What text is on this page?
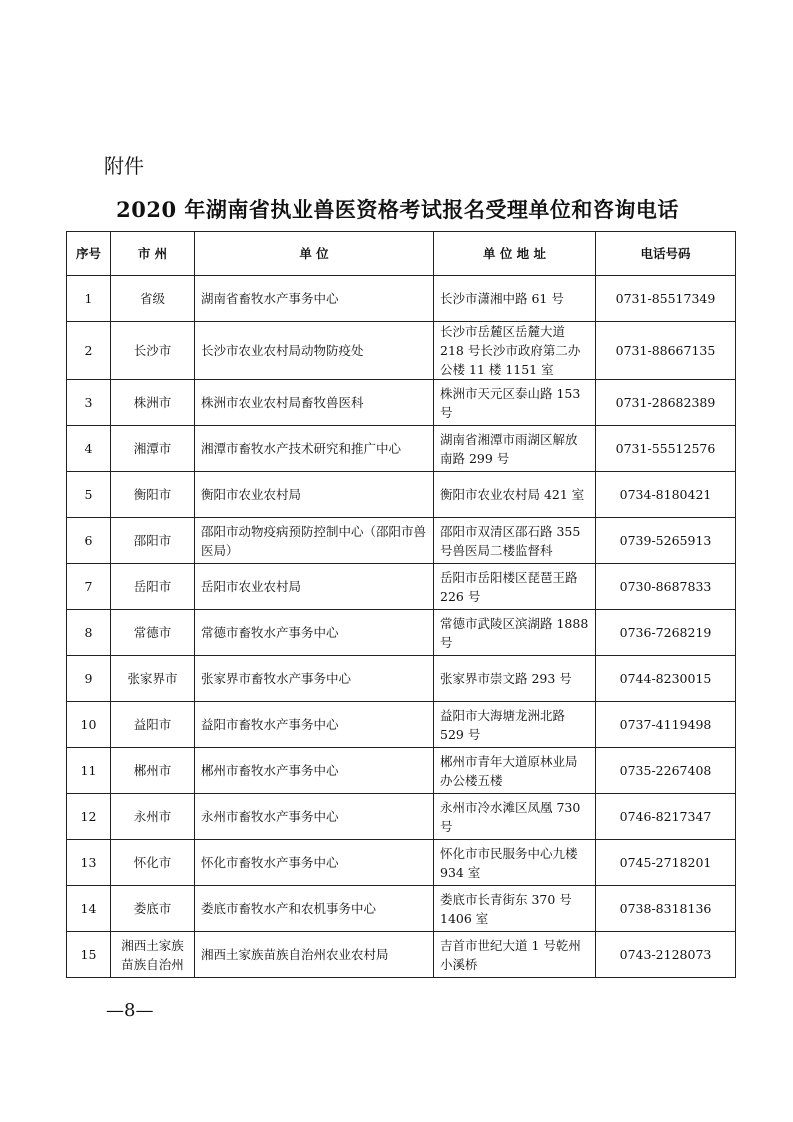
附件
2020 年湖南省执业兽医资格考试报名受理单位和咨询电话
序号	市 州	单 位	单 位 地 址	电话号码
1	省级	湖南省畜牧水产事务中心	长沙市潇湘中路 61 号	0731-85517349
2	长沙市	长沙市农业农村局动物防疫处	长沙市岳麓区岳麓大道 218 号长沙市政府第二办公楼 11 楼 1151 室	0731-88667135
3	株洲市	株洲市农业农村局畜牧兽医科	株洲市天元区泰山路 153 号	0731-28682389
4	湘潭市	湘潭市畜牧水产技术研究和推广中心	湖南省湘潭市雨湖区解放南路 299 号	0731-55512576
5	衡阳市	衡阳市农业农村局	衡阳市农业农村局 421 室	0734-8180421
6	邵阳市	邵阳市动物疫病预防控制中心（邵阳市兽医局）	邵阳市双清区邵石路 355 号兽医局二楼监督科	0739-5265913
7	岳阳市	岳阳市农业农村局	岳阳市岳阳楼区琵琶王路 226 号	0730-8687833
8	常德市	常德市畜牧水产事务中心	常德市武陵区滨湖路 1888 号	0736-7268219
9	张家界市	张家界市畜牧水产事务中心	张家界市崇文路 293 号	0744-8230015
10	益阳市	益阳市畜牧水产事务中心	益阳市大海塘龙洲北路 529 号	0737-4119498
11	郴州市	郴州市畜牧水产事务中心	郴州市青年大道原林业局办公楼五楼	0735-2267408
12	永州市	永州市畜牧水产事务中心	永州市冷水滩区凤凰 730 号	0746-8217347
13	怀化市	怀化市畜牧水产事务中心	怀化市市民服务中心九楼 934 室	0745-2718201
14	娄底市	娄底市畜牧水产和农机事务中心	娄底市长青街东 370 号 1406 室	0738-8318136
15	湘西土家族苗族自治州	湘西土家族苗族自治州农业农村局	吉首市世纪大道 1 号乾州小溪桥	0743-2128073
—8—
